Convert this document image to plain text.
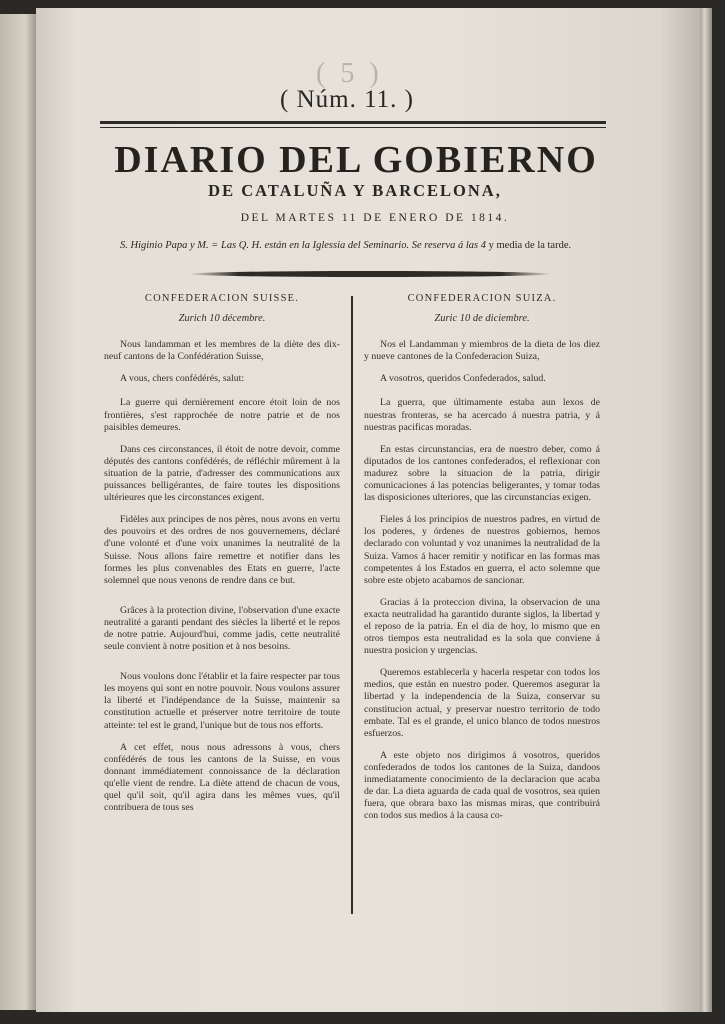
( 5 )
( Núm. 11. )
DIARIO DEL GOBIERNO
DE CATALUÑA Y BARCELONA,
DEL MARTES 11 DE ENERO DE 1814.
S. Higinio Papa y M. = Las Q. H. están en la Iglessia del Seminario. Se reserva á las 4 y media de la tarde.
CONFEDERACION SUISSE.
Zurich 10 décembre.

Nous landamman et les membres de la diète des dix-neuf cantons de la Confédération Suisse,

A vous, chers confédérés, salut:

La guerre qui dernièrement encore étoit loin de nos frontières, s'est rapprochée de notre patrie et de nos paisibles demeures.

Dans ces circonstances, il étoit de notre devoir, comme députés des cantons confédérés, de réfléchir mûrement à la situation de la patrie, d'adresser des communications aux puissances belligérantes, de faire toutes les dispositions ultérieures que les circonstances exigent.

Fidèles aux principes de nos pères, nous avons en vertu des pouvoirs et des ordres de nos gouvernemens, déclaré d'une volonté et d'une voix unanimes la neutralité de la Suisse. Nous allons faire remettre et notifier dans les formes les plus convenables des Etats en guerre, l'acte solemnel que nous venons de rendre dans ce but.

Grâces à la protection divine, l'observation d'une exacte neutralité a garanti pendant des siècles la liberté et le repos de notre patrie. Aujourd'hui, comme jadis, cette neutralité seule convient à notre position et à nos besoins.

Nous voulons donc l'établir et la faire respecter par tous les moyens qui sont en notre pouvoir. Nous voulons assurer la liberté et l'indépendance de la Suisse, maintenir sa constitution actuelle et préserver notre territoire de toute atteinte: tel est le grand, l'unique but de tous nos efforts.

A cet effet, nous nous adressons à vous, chers confédérés de tous les cantons de la Suisse, en vous donnant immédiatement connoissance de la déclaration qu'elle vient de rendre. La diète attend de chacun de vous, quel qu'il soit, qu'il agira dans les mêmes vues, qu'il contribuera de tous ses

CONFEDERACION SUIZA.
Zuric 10 de diciembre.

Nos el Landamman y miembros de la dieta de los diez y nueve cantones de la Confederacion Suiza,

A vosotros, queridos Confederados, salud.

La guerra, que últimamente estaba aun lexos de nuestras fronteras, se ha acercado á nuestra patria, y á nuestras pacificas moradas.

En estas circunstancias, era de nuestro deber, como á diputados de los cantones confederados, el reflexionar con madurez sobre la situacion de la patria, dirigir comunicaciones á las potencias beligerantes, y tomar todas las disposiciones ulteriores, que las circunstancias exigen.

Fieles á los principios de nuestros padres, en virtud de los poderes, y órdenes de nuestros gobiernos, hemos declarado con voluntad y voz unanimes la neutralidad de la Suiza. Vamos á hacer remitir y notificar en las formas mas competentes á los Estados en guerra, el acto solemne que sobre este objeto acabamos de sancionar.

Gracias á la proteccion divina, la observacion de una exacta neutralidad ha garantido durante siglos, la libertad y el reposo de la patria. En el dia de hoy, lo mismo que en otros tiempos esta neutralidad es la sola que conviene á nuestra posicion y urgencias.

Queremos establecerla y hacerla respetar con todos los medios, que están en nuestro poder. Queremos asegurar la libertad y la independencia de la Suiza, conservar su constitucion actual, y preservar nuestro territorio de todo embate. Tal es el grande, el unico blanco de todos nuestros esfuerzos.

A este objeto nos dirigimos á vosotros, queridos confederados de todos los cantones de la Suiza, dandoos inmediatamente conocimiento de la declaracion que acaba de dar. La dieta aguarda de cada qual de vosotros, sea quien fuera, que obrara baxo las mismas miras, que contribuirá con todos sus medios á la causa co-
